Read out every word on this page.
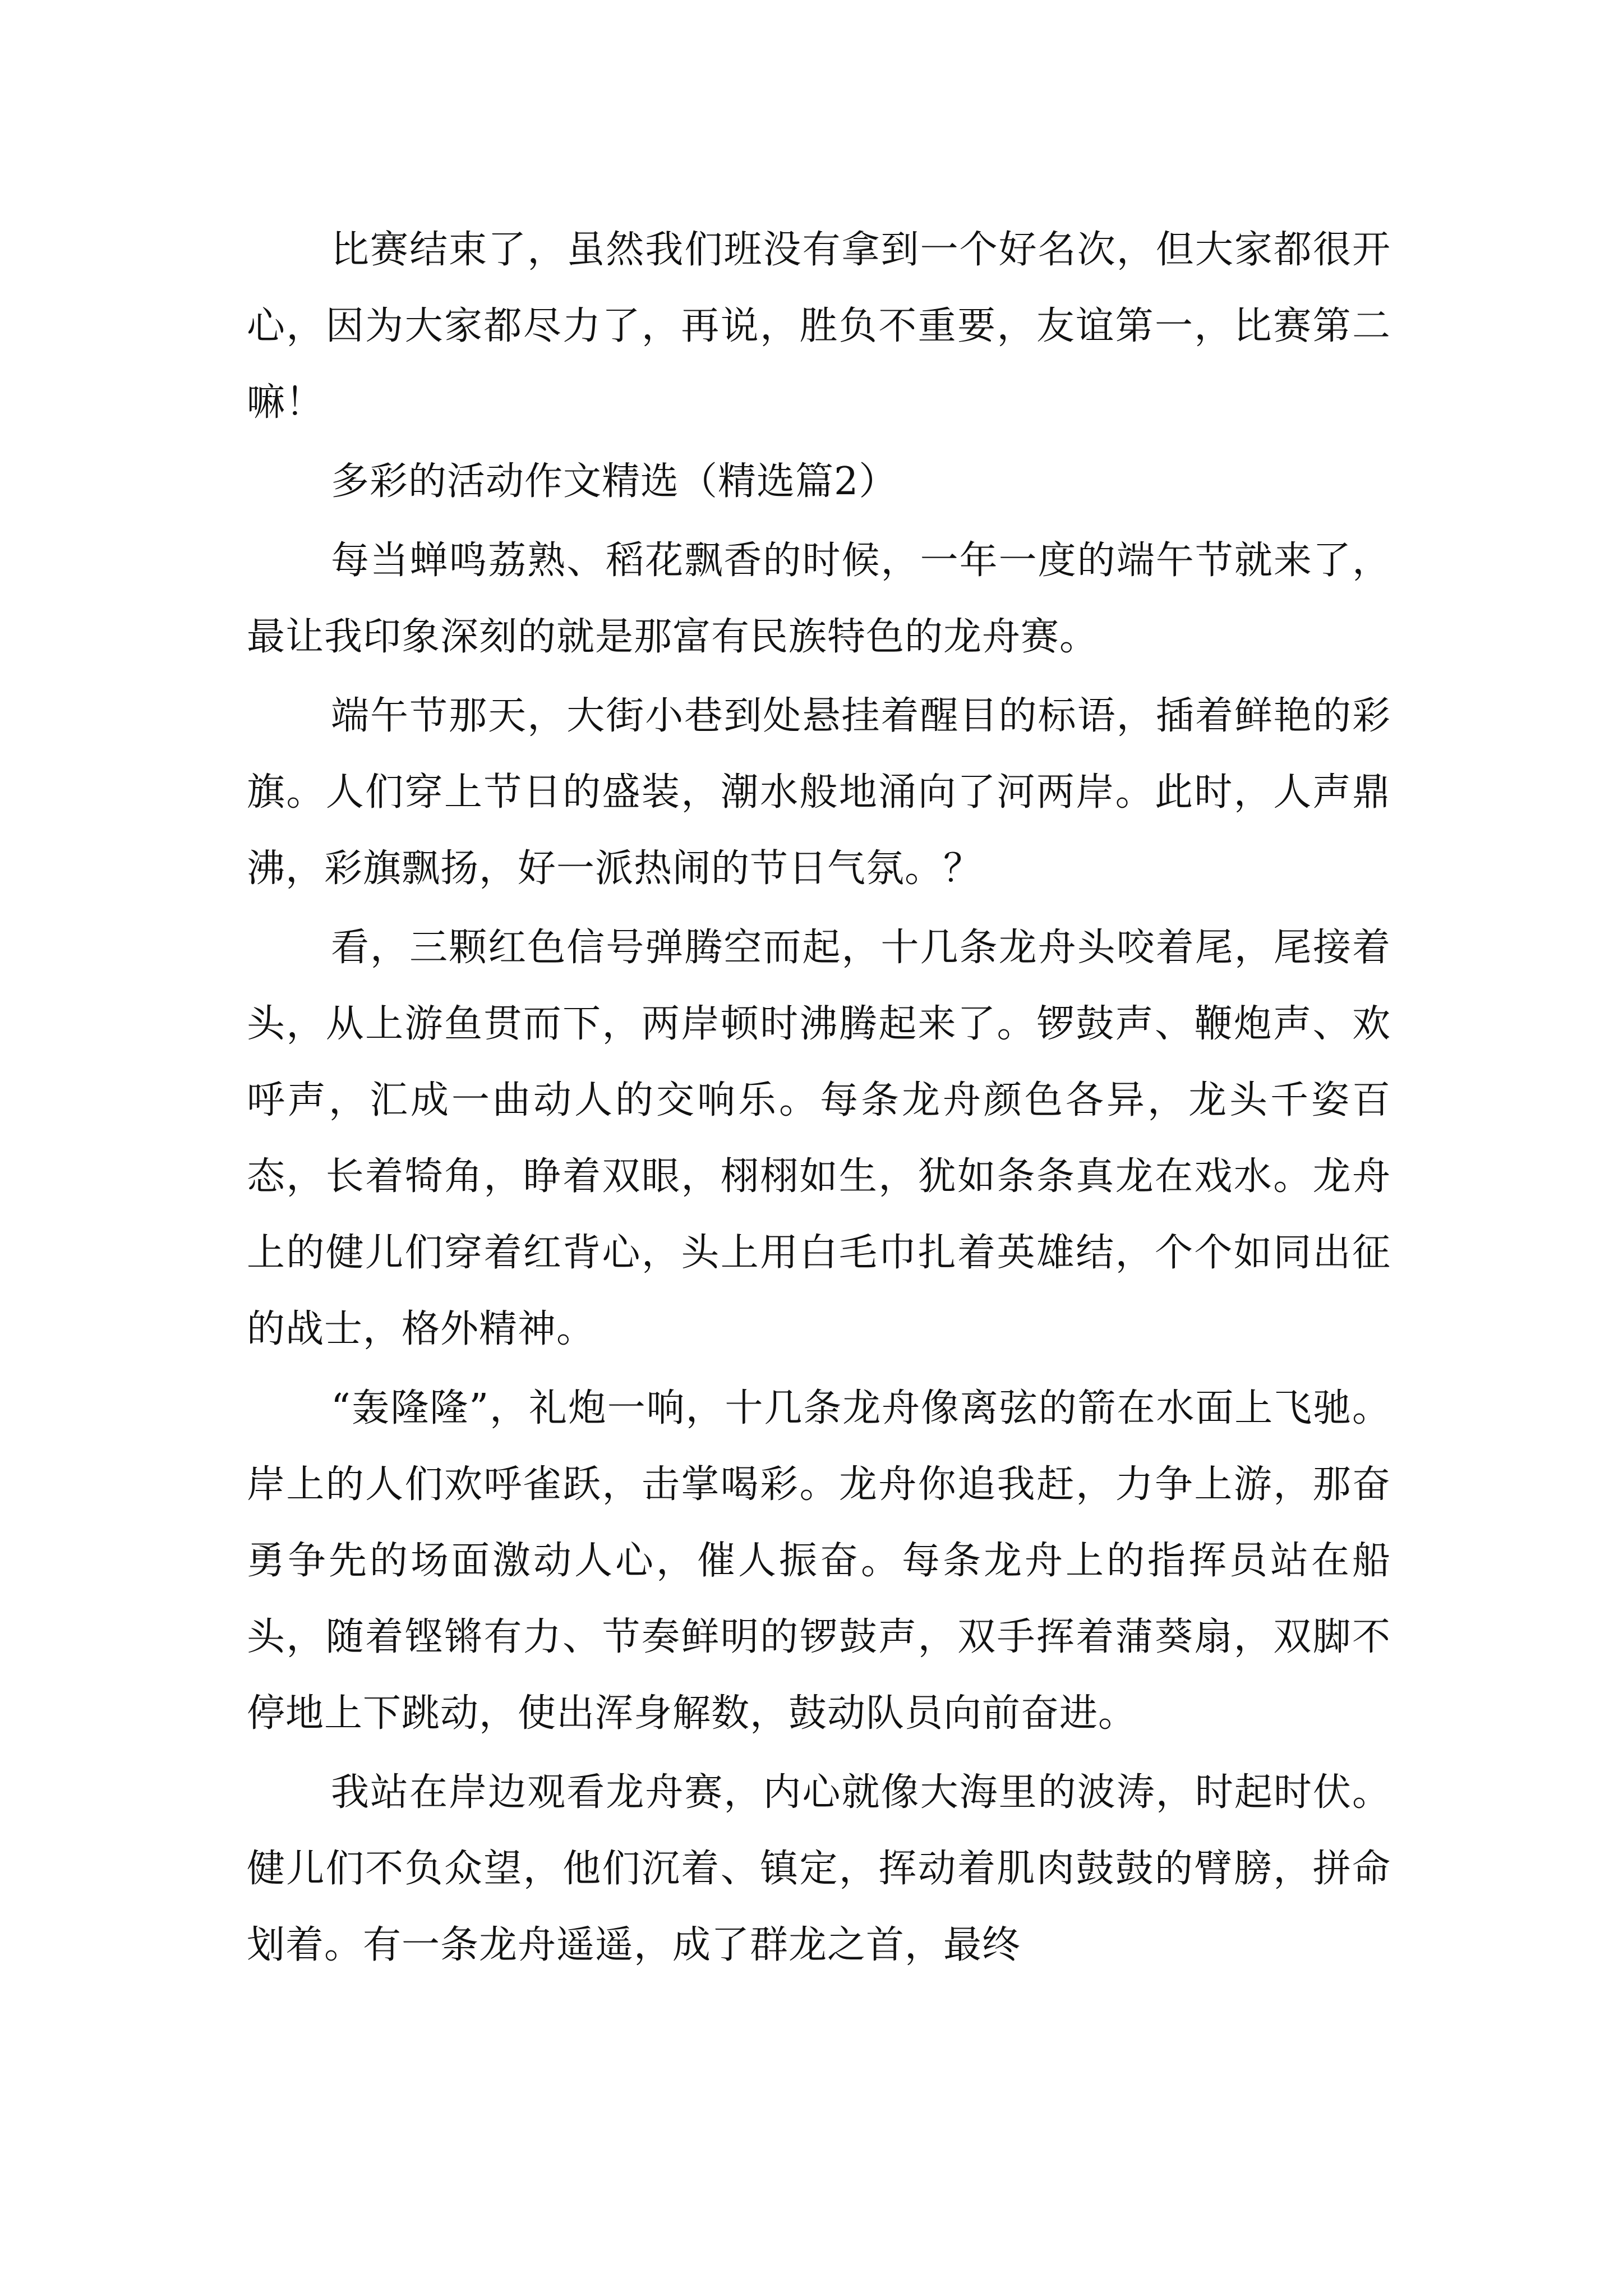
比赛结束了，虽然我们班没有拿到一个好名次，但大家都很开心，因为大家都尽力了，再说，胜负不重要，友谊第一，比赛第二嘛！

多彩的活动作文精选（精选篇2）

每当蝉鸣荔熟、稻花飘香的时候，一年一度的端午节就来了，最让我印象深刻的就是那富有民族特色的龙舟赛。

端午节那天，大街小巷到处悬挂着醒目的标语，插着鲜艳的彩旗。人们穿上节日的盛装，潮水般地涌向了河两岸。此时，人声鼎沸，彩旗飘扬，好一派热闹的节日气氛。？

看，三颗红色信号弹腾空而起，十几条龙舟头咬着尾，尾接着头，从上游鱼贯而下，两岸顿时沸腾起来了。锣鼓声、鞭炮声、欢呼声，汇成一曲动人的交响乐。每条龙舟颜色各异，龙头千姿百态，长着犄角，睁着双眼，栩栩如生，犹如条条真龙在戏水。龙舟上的健儿们穿着红背心，头上用白毛巾扎着英雄结，个个如同出征的战士，格外精神。

“轰隆隆”，礼炮一响，十几条龙舟像离弦的箭在水面上飞驰。岸上的人们欢呼雀跃，击掌喝彩。龙舟你追我赶，力争上游，那奋勇争先的场面激动人心，催人振奋。每条龙舟上的指挥员站在船头，随着铿锵有力、节奏鲜明的锣鼓声，双手挥着蒲葵扇，双脚不停地上下跳动，使出浑身解数，鼓动队员向前奋进。

我站在岸边观看龙舟赛，内心就像大海里的波涛，时起时伏。健儿们不负众望，他们沉着、镇定，挥动着肌肉鼓鼓的臂膀，拼命划着。有一条龙舟遥遥，成了群龙之首，最终
